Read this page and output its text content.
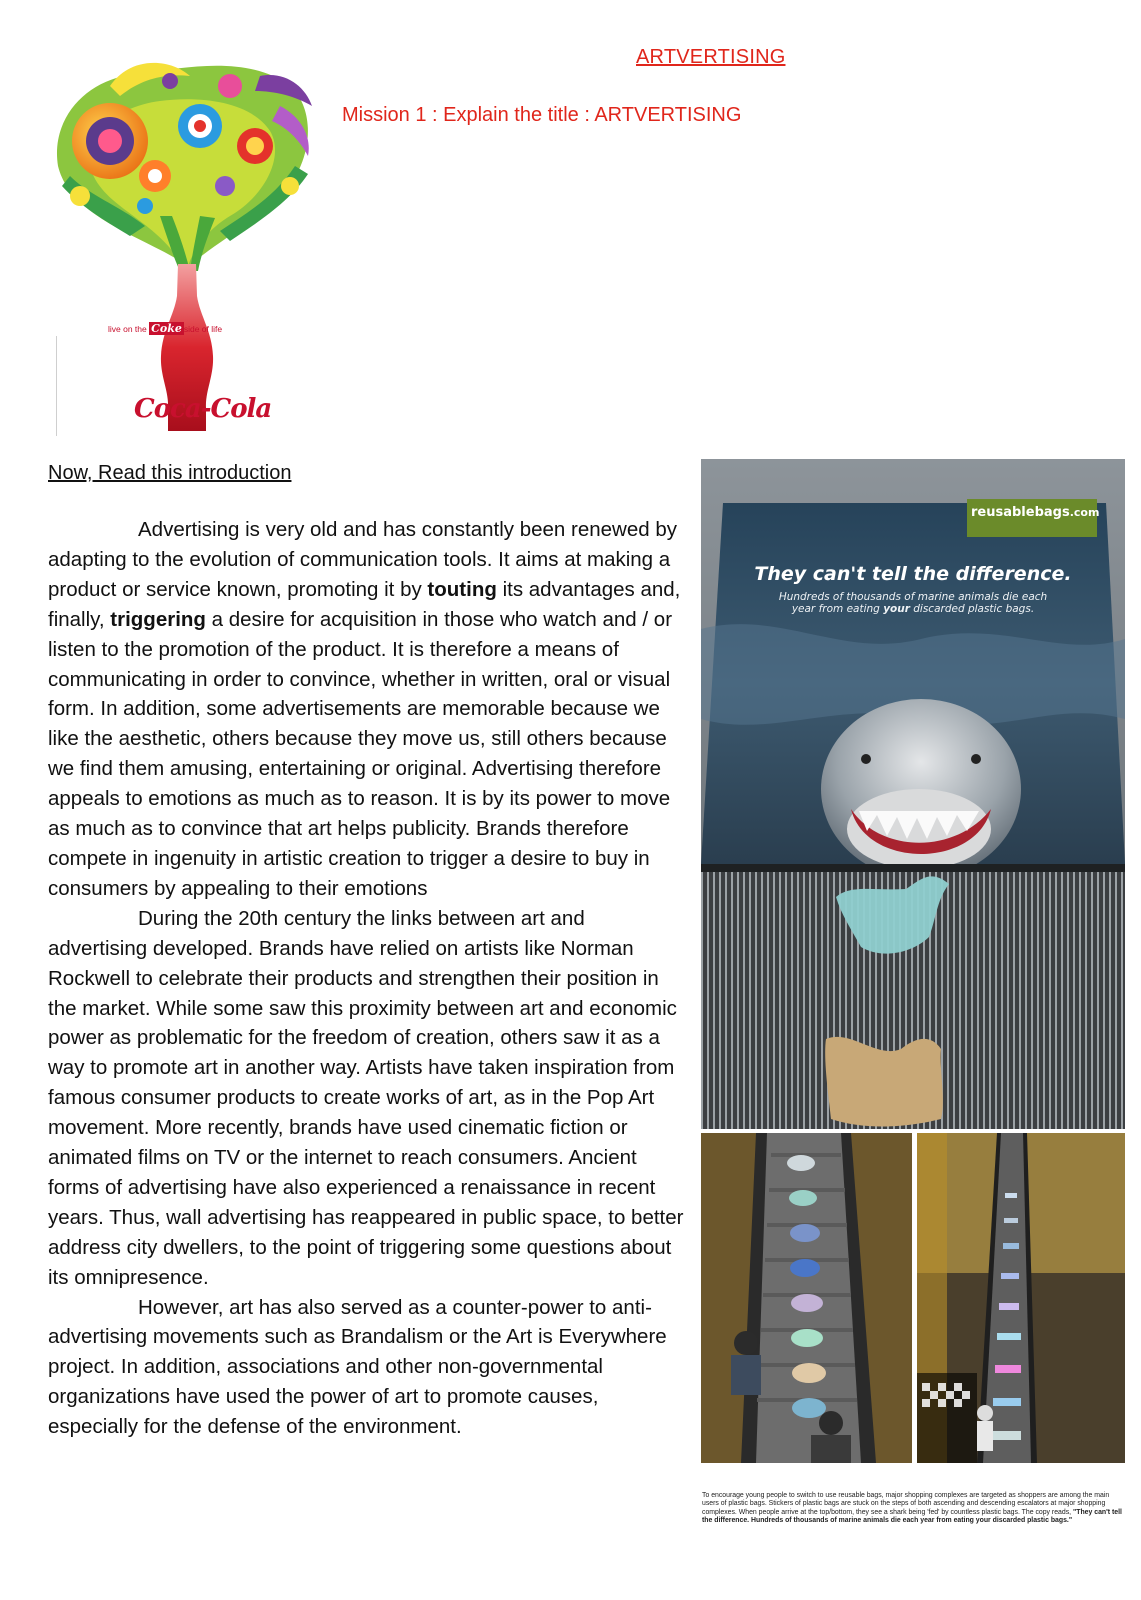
ARTVERTISING
Mission 1 : Explain the title : ARTVERTISING
live on the Coke side of life
Coca-Cola
Now, Read this introduction

Advertising is very old and has constantly been renewed by adapting to the evolution of communication tools. It aims at making a product or service known, promoting it by touting its advantages and, finally, triggering a desire for acquisition in those who watch and / or listen to the promotion of the product. It is therefore a means of communicating in order to convince, whether in written, oral or visual form. In addition, some advertisements are memorable because we like the aesthetic, others because they move us, still others because we find them amusing, entertaining or original. Advertising therefore appeals to emotions as much as to reason. It is by its power to move as much as to convince that art helps publicity. Brands therefore compete in ingenuity in artistic creation to trigger a desire to buy in consumers by appealing to their emotions

During the 20th century the links between art and advertising developed. Brands have relied on artists like Norman Rockwell to celebrate their products and strengthen their position in the market. While some saw this proximity between art and economic power as problematic for the freedom of creation, others saw it as a way to promote art in another way. Artists have taken inspiration from famous consumer products to create works of art, as in the Pop Art movement. More recently, brands have used cinematic fiction or animated films on TV or the internet to reach consumers. Ancient forms of advertising have also experienced a renaissance in recent years. Thus, wall advertising has reappeared in public space, to better address city dwellers, to the point of triggering some questions about its omnipresence.

However, art has also served as a counter-power to anti-advertising movements such as Brandalism or the Art is Everywhere project. In addition, associations and other non-governmental organizations have used the power of art to promote causes, especially for the defense of the environment.

reusablebags.com
They can't tell the difference.
Hundreds of thousands of marine animals die each
year from eating your discarded plastic bags.
To encourage young people to switch to use reusable bags, major shopping complexes are targeted as shoppers are among the main users of plastic bags. Stickers of plastic bags are stuck on the steps of both ascending and descending escalators at major shopping complexes. When people arrive at the top/bottom, they see a shark being 'fed' by countless plastic bags. The copy reads, "They can't tell the difference. Hundreds of thousands of marine animals die each year from eating your discarded plastic bags."
